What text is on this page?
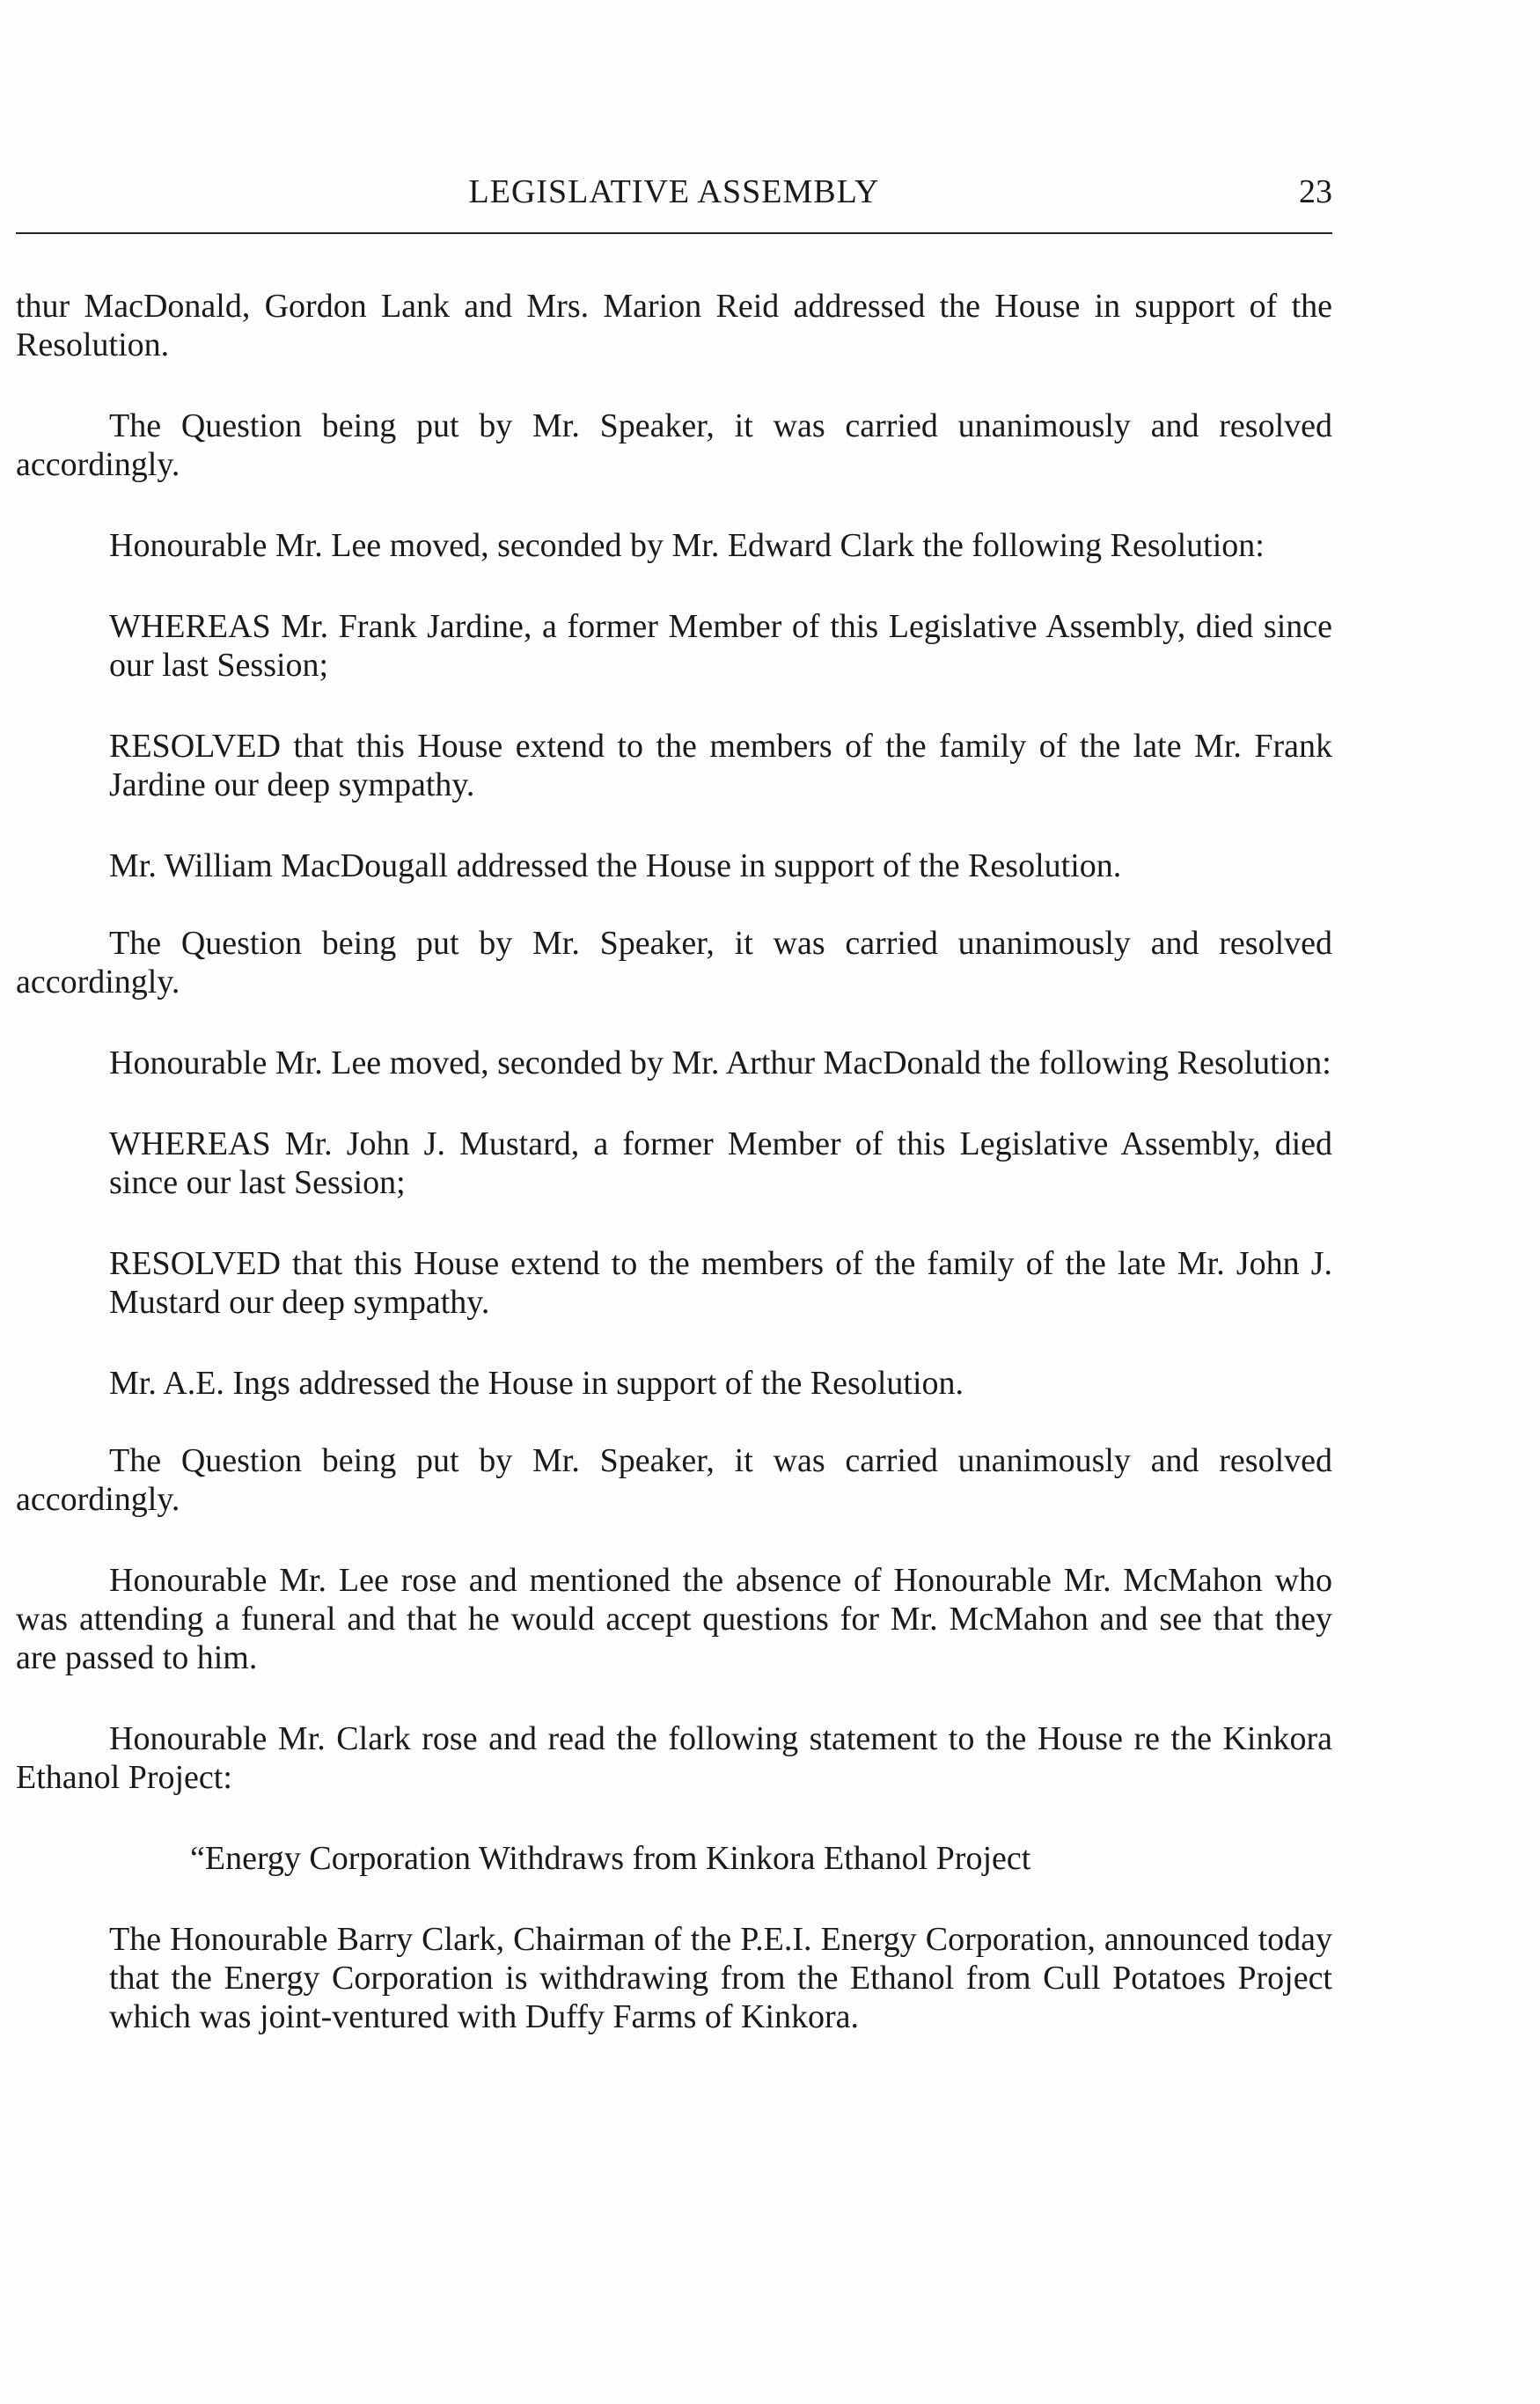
LEGISLATIVE ASSEMBLY	23

thur MacDonald, Gordon Lank and Mrs. Marion Reid addressed the House in support of the Resolution.

The Question being put by Mr. Speaker, it was carried unanimously and resolved accordingly.

Honourable Mr. Lee moved, seconded by Mr. Edward Clark the following Resolution:

WHEREAS Mr. Frank Jardine, a former Member of this Legislative Assembly, died since our last Session;

RESOLVED that this House extend to the members of the family of the late Mr. Frank Jardine our deep sympathy.

Mr. William MacDougall addressed the House in support of the Resolution.

The Question being put by Mr. Speaker, it was carried unanimously and resolved accordingly.

Honourable Mr. Lee moved, seconded by Mr. Arthur MacDonald the following Resolution:

WHEREAS Mr. John J. Mustard, a former Member of this Legislative Assembly, died since our last Session;

RESOLVED that this House extend to the members of the family of the late Mr. John J. Mustard our deep sympathy.

Mr. A.E. Ings addressed the House in support of the Resolution.

The Question being put by Mr. Speaker, it was carried unanimously and resolved accordingly.

Honourable Mr. Lee rose and mentioned the absence of Honourable Mr. McMahon who was attending a funeral and that he would accept questions for Mr. McMahon and see that they are passed to him.

Honourable Mr. Clark rose and read the following statement to the House re the Kinkora Ethanol Project:

“Energy Corporation Withdraws from Kinkora Ethanol Project

The Honourable Barry Clark, Chairman of the P.E.I. Energy Corporation, announced today that the Energy Corporation is withdrawing from the Ethanol from Cull Potatoes Project which was joint-ventured with Duffy Farms of Kinkora.
